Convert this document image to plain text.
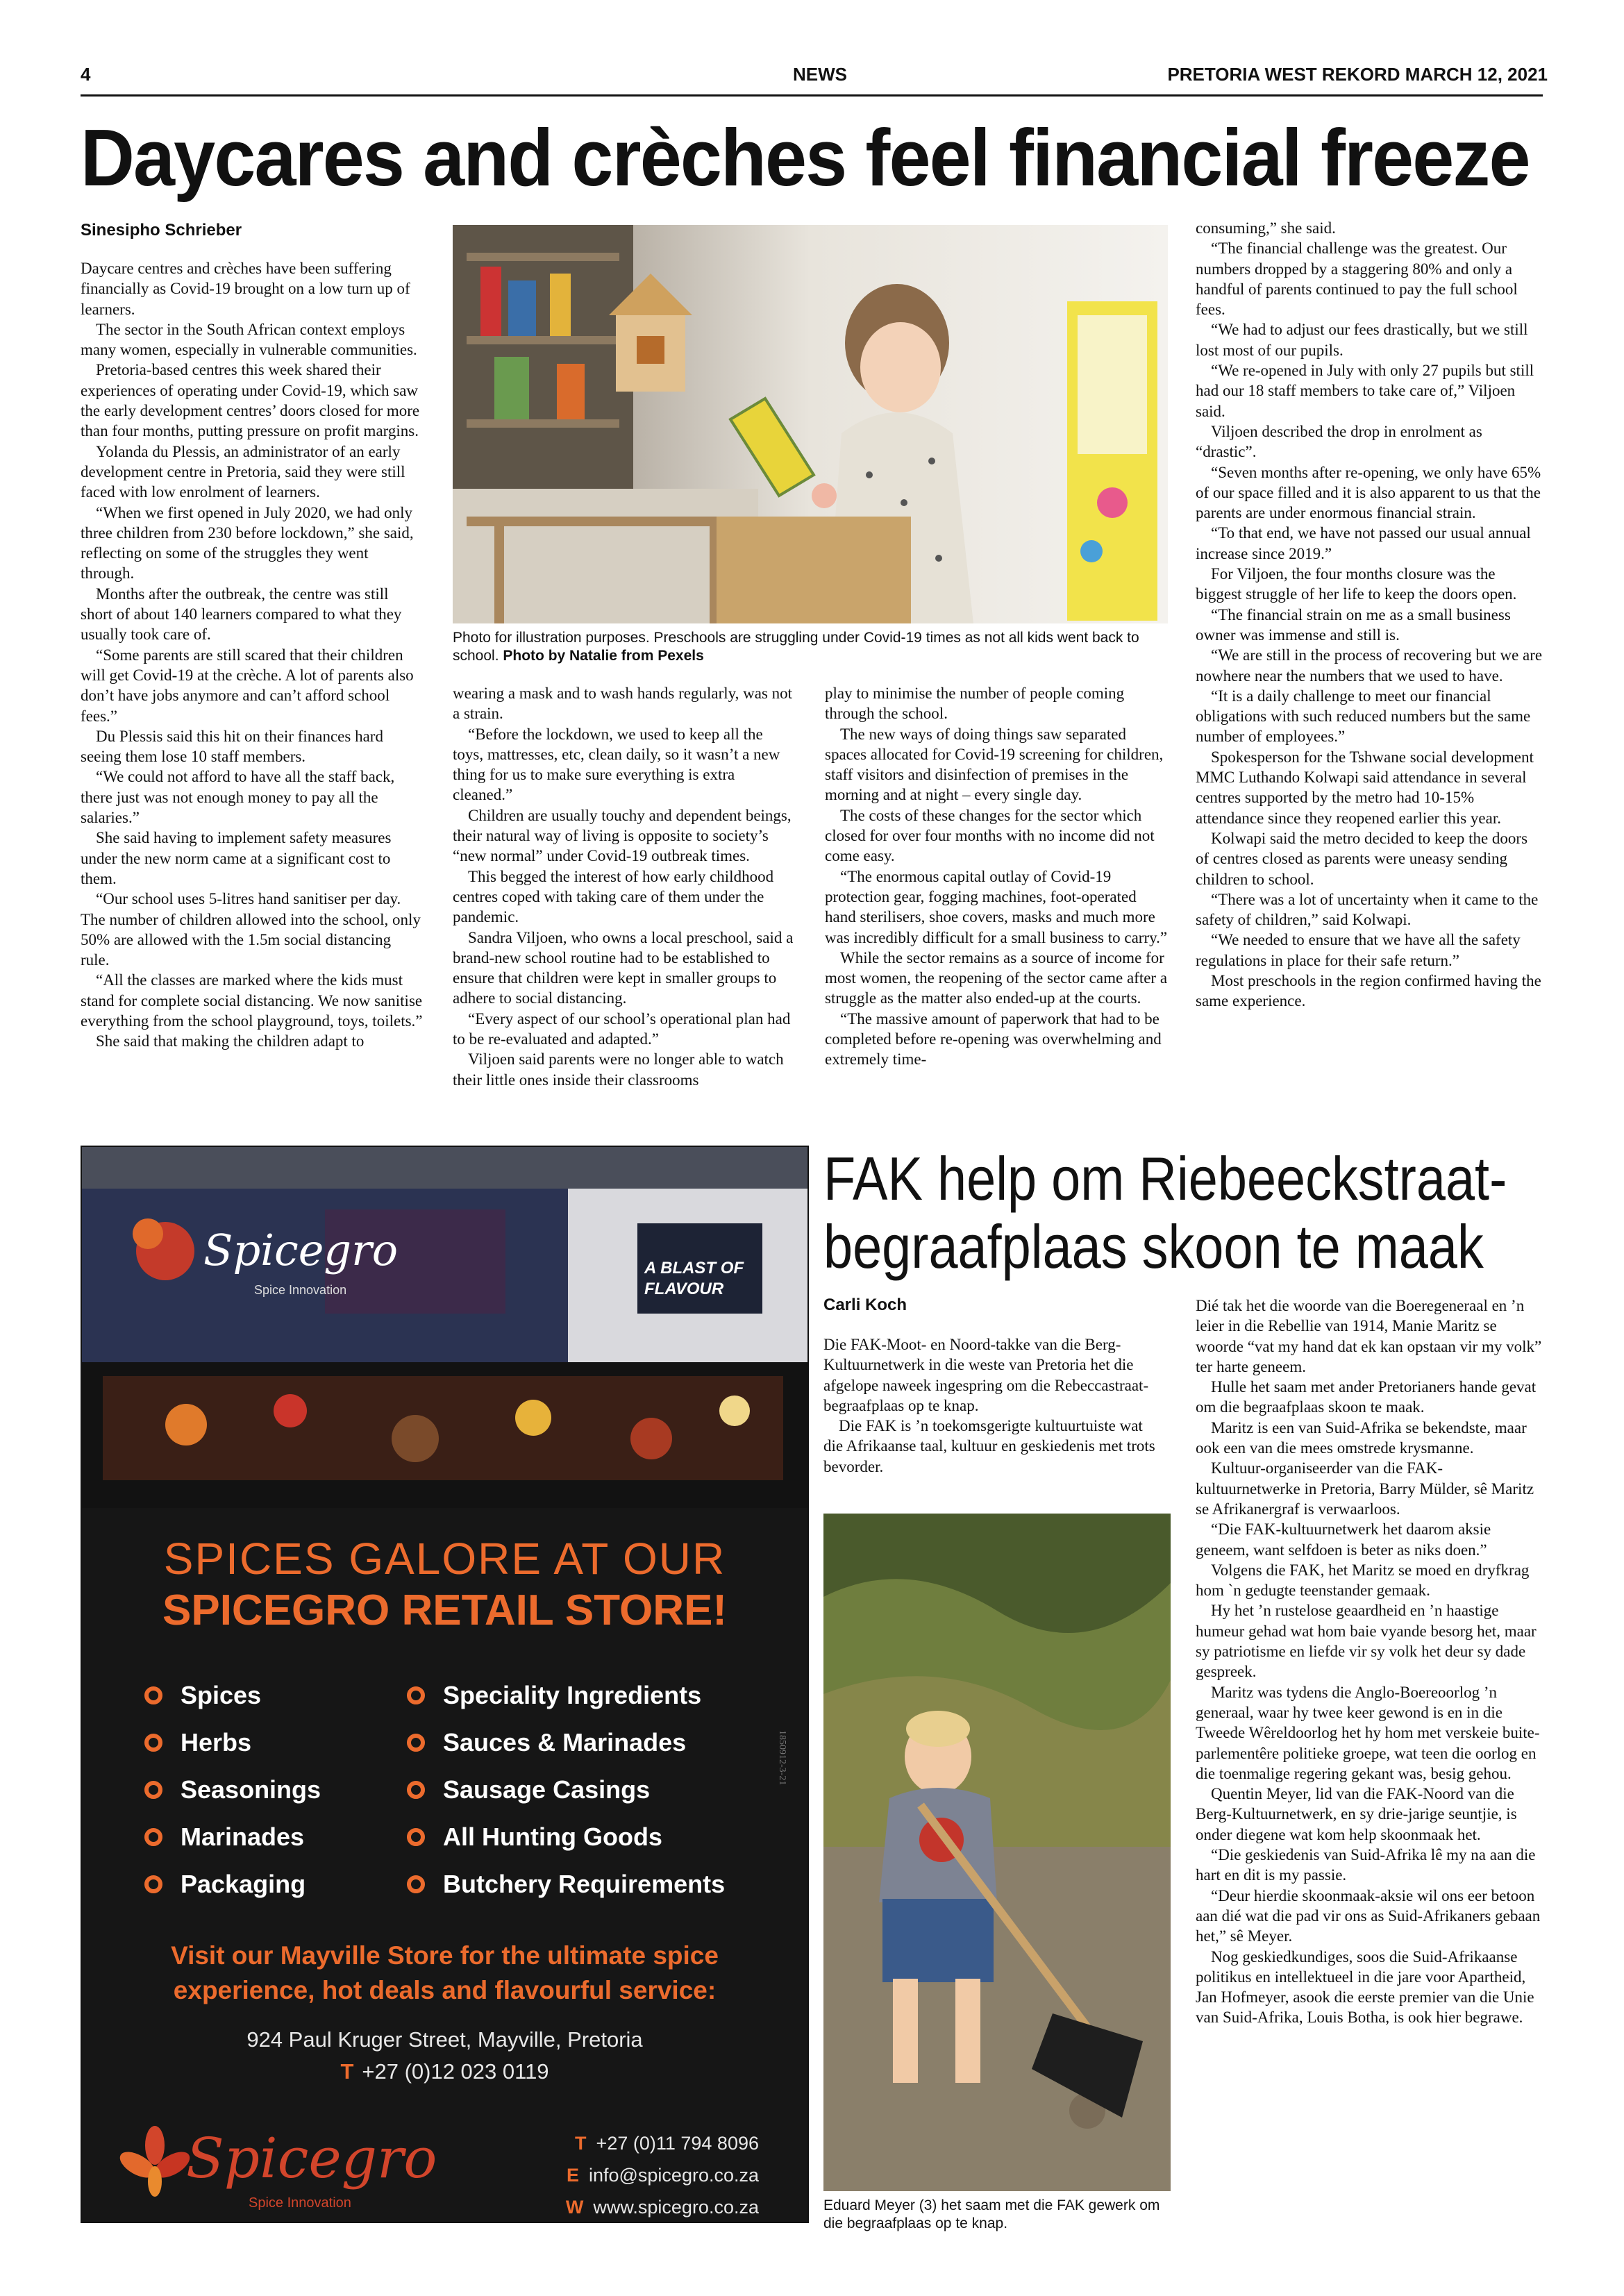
4	NEWS	PRETORIA WEST REKORD MARCH 12, 2021
Daycares and crèches feel financial freeze
Sinesipho Schrieber

Daycare centres and crèches have been suffering financially as Covid-19 brought on a low turn up of learners.

The sector in the South African context employs many women, especially in vulnerable communities.

Pretoria-based centres this week shared their experiences of operating under Covid-19, which saw the early development centres’ doors closed for more than four months, putting pressure on profit margins.

Yolanda du Plessis, an administrator of an early development centre in Pretoria, said they were still faced with low enrolment of learners.

“When we first opened in July 2020, we had only three children from 230 before lockdown,” she said, reflecting on some of the struggles they went through.

Months after the outbreak, the centre was still short of about 140 learners compared to what they usually took care of.

“Some parents are still scared that their children will get Covid-19 at the crèche. A lot of parents also don’t have jobs anymore and can’t afford school fees.”

Du Plessis said this hit on their finances hard seeing them lose 10 staff members.

“We could not afford to have all the staff back, there just was not enough money to pay all the salaries.”

She said having to implement safety measures under the new norm came at a significant cost to them.

“Our school uses 5-litres hand sanitiser per day. The number of children allowed into the school, only 50% are allowed with the 1.5m social distancing rule.

“All the classes are marked where the kids must stand for complete social distancing. We now sanitise everything from the school playground, toys, toilets.”

She said that making the children adapt to

Photo for illustration purposes. Preschools are struggling under Covid-19 times as not all kids went back to school. Photo by Natalie from Pexels

wearing a mask and to wash hands regularly, was not a strain.

“Before the lockdown, we used to keep all the toys, mattresses, etc, clean daily, so it wasn’t a new thing for us to make sure everything is extra cleaned.”

Children are usually touchy and dependent beings, their natural way of living is opposite to society’s “new normal” under Covid-19 outbreak times.

This begged the interest of how early childhood centres coped with taking care of them under the pandemic.

Sandra Viljoen, who owns a local preschool, said a brand-new school routine had to be established to ensure that children were kept in smaller groups to adhere to social distancing.

“Every aspect of our school’s operational plan had to be re-evaluated and adapted.”

Viljoen said parents were no longer able to watch their little ones inside their classrooms

play to minimise the number of people coming through the school.

The new ways of doing things saw separated spaces allocated for Covid-19 screening for children, staff visitors and disinfection of premises in the morning and at night – every single day.

The costs of these changes for the sector which closed for over four months with no income did not come easy.

“The enormous capital outlay of Covid-19 protection gear, fogging machines, foot-operated hand sterilisers, shoe covers, masks and much more was incredibly difficult for a small business to carry.”

While the sector remains as a source of income for most women, the reopening of the sector came after a struggle as the matter also ended-up at the courts.

“The massive amount of paperwork that had to be completed before re-opening was overwhelming and extremely time-

consuming,” she said.

“The financial challenge was the greatest. Our numbers dropped by a staggering 80% and only a handful of parents continued to pay the full school fees.

“We had to adjust our fees drastically, but we still lost most of our pupils.

“We re-opened in July with only 27 pupils but still had our 18 staff members to take care of,” Viljoen said.

Viljoen described the drop in enrolment as “drastic”.

“Seven months after re-opening, we only have 65% of our space filled and it is also apparent to us that the parents are under enormous financial strain.

“To that end, we have not passed our usual annual increase since 2019.”

For Viljoen, the four months closure was the biggest struggle of her life to keep the doors open.

“The financial strain on me as a small business owner was immense and still is.

“We are still in the process of recovering but we are nowhere near the numbers that we used to have.

“It is a daily challenge to meet our financial obligations with such reduced numbers but the same number of employees.”

Spokesperson for the Tshwane social development MMC Luthando Kolwapi said attendance in several centres supported by the metro had 10-15% attendance since they reopened earlier this year.

Kolwapi said the metro decided to keep the doors of centres closed as parents were uneasy sending children to school.

“There was a lot of uncertainty when it came to the safety of children,” said Kolwapi.

“We needed to ensure that we have all the safety regulations in place for their safe return.”

Most preschools in the region confirmed having the same experience.

Spicegro
Spice Innovation
A BLAST OF FLAVOUR
SPICES GALORE AT OUR
SPICEGRO RETAIL STORE!
Spices
Herbs
Seasonings
Marinades
Packaging
Speciality Ingredients
Sauces & Marinades
Sausage Casings
All Hunting Goods
Butchery Requirements
1850912-3-21
Visit our Mayville Store for the ultimate spice experience, hot deals and flavourful service:
924 Paul Kruger Street, Mayville, Pretoria
T +27 (0)12 023 0119
Spicegro
Spice Innovation
T +27 (0)11 794 8096
E info@spicegro.co.za
W www.spicegro.co.za
FAK help om Riebeeckstraat-
begraafplaas skoon te maak
Carli Koch

Die FAK-Moot- en Noord-takke van die Berg-Kultuurnetwerk in die weste van Pretoria het die afgelope naweek ingespring om die Rebeccastraat-begraafplaas op te knap.

Die FAK is ’n toekomsgerigte kultuurtuiste wat die Afrikaanse taal, kultuur en geskiedenis met trots bevorder.

Eduard Meyer (3) het saam met die FAK gewerk om die begraafplaas op te knap.

Dié tak het die woorde van die Boeregeneraal en ’n leier in die Rebellie van 1914, Manie Maritz se woorde “vat my hand dat ek kan opstaan vir my volk” ter harte geneem.

Hulle het saam met ander Pretorianers hande gevat om die begraafplaas skoon te maak.

Maritz is een van Suid-Afrika se bekendste, maar ook een van die mees omstrede krysmanne.

Kultuur-organiseerder van die FAK-kultuurnetwerke in Pretoria, Barry Mülder, sê Maritz se Afrikanergraf is verwaarloos.

“Die FAK-kultuurnetwerk het daarom aksie geneem, want selfdoen is beter as niks doen.”

Volgens die FAK, het Maritz se moed en dryfkrag hom `n gedugte teenstander gemaak.

Hy het ’n rustelose geaardheid en ’n haastige humeur gehad wat hom baie vyande besorg het, maar sy patriotisme en liefde vir sy volk het deur sy dade gespreek.

Maritz was tydens die Anglo-Boereoorlog ’n generaal, waar hy twee keer gewond is en in die Tweede Wêreldoorlog het hy hom met verskeie buite-parlementêre politieke groepe, wat teen die oorlog en die toenmalige regering gekant was, besig gehou.

Quentin Meyer, lid van die FAK-Noord van die Berg-Kultuurnetwerk, en sy drie-jarige seuntjie, is onder diegene wat kom help skoonmaak het.

“Die geskiedenis van Suid-Afrika lê my na aan die hart en dit is my passie.

“Deur hierdie skoonmaak-aksie wil ons eer betoon aan dié wat die pad vir ons as Suid-Afrikaners gebaan het,” sê Meyer.

Nog geskiedkundiges, soos die Suid-Afrikaanse politikus en intellektueel in die jare voor Apartheid, Jan Hofmeyer, asook die eerste premier van die Unie van Suid-Afrika, Louis Botha, is ook hier begrawe.
